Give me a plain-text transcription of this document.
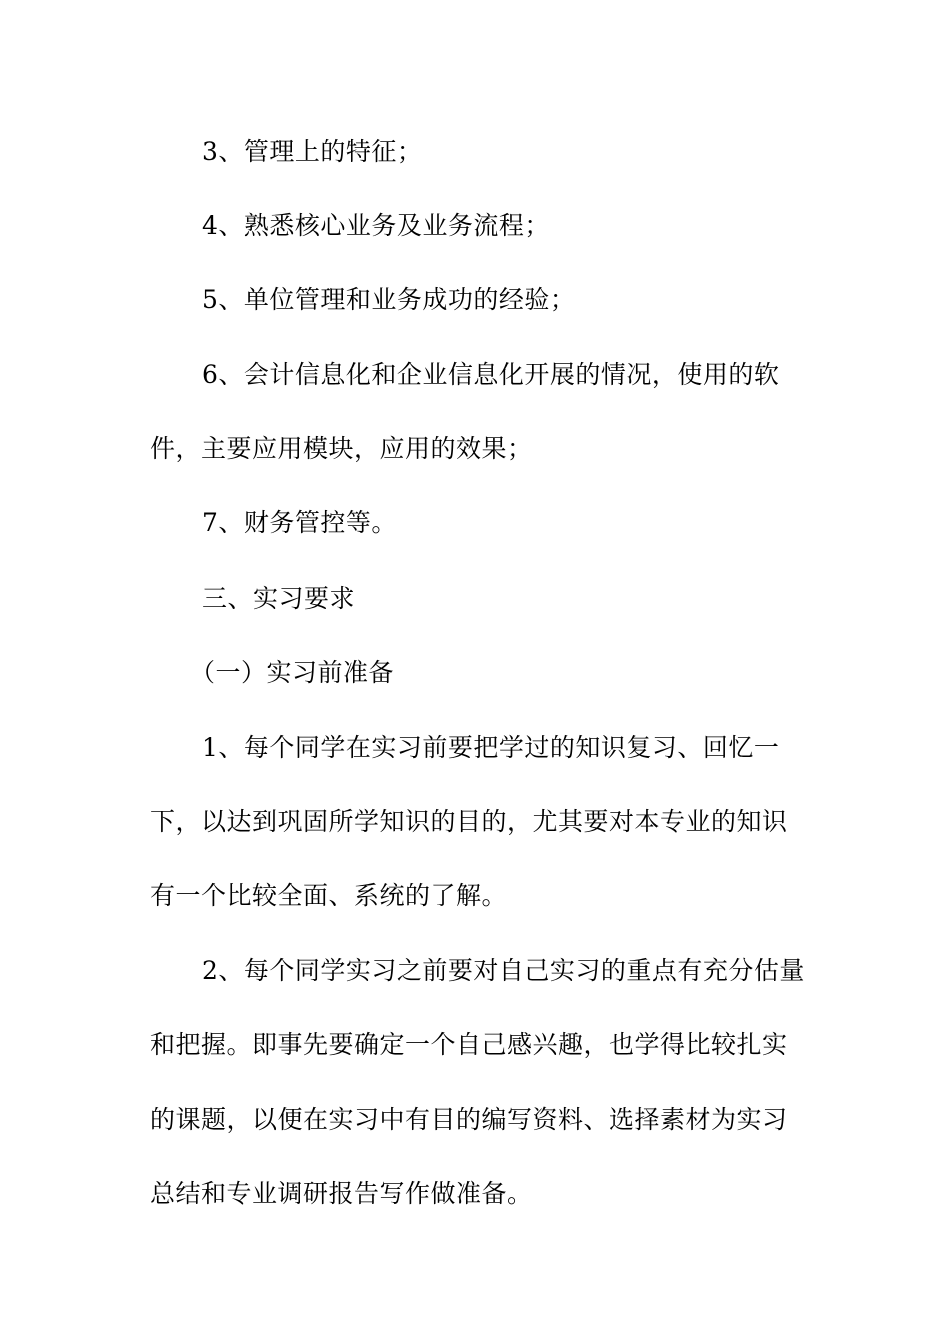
3、管理上的特征；
4、熟悉核心业务及业务流程；
5、单位管理和业务成功的经验；
6、会计信息化和企业信息化开展的情况，使用的软
件，主要应用模块，应用的效果；
7、财务管控等。
三、实习要求
（一）实习前准备
1、每个同学在实习前要把学过的知识复习、回忆一
下，以达到巩固所学知识的目的，尤其要对本专业的知识
有一个比较全面、系统的了解。
2、每个同学实习之前要对自己实习的重点有充分估量
和把握。即事先要确定一个自己感兴趣，也学得比较扎实
的课题，以便在实习中有目的编写资料、选择素材为实习
总结和专业调研报告写作做准备。
